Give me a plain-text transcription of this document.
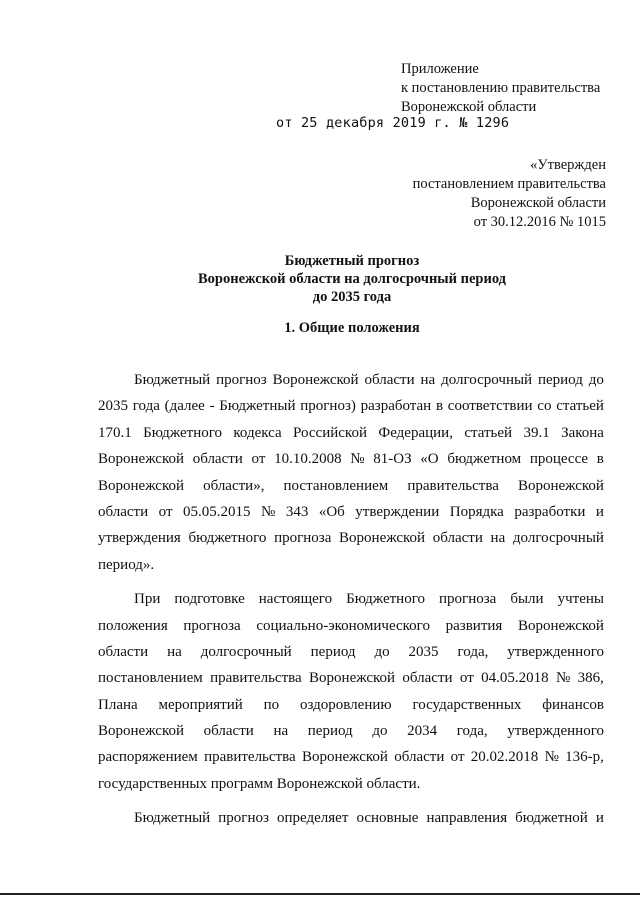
Приложение
к постановлению правительства
Воронежской области
от 25 декабря 2019 г. № 1296
«Утвержден
постановлением правительства
Воронежской области
от 30.12.2016 № 1015
Бюджетный прогноз
Воронежской области на долгосрочный период
до 2035 года
1. Общие положения
Бюджетный прогноз Воронежской области на долгосрочный период до
2035 года (далее - Бюджетный прогноз) разработан в соответствии со статьей
170.1 Бюджетного кодекса Российской Федерации, статьей 39.1 Закона
Воронежской области от 10.10.2008 № 81-ОЗ «О бюджетном процессе в
Воронежской области», постановлением правительства Воронежской
области от 05.05.2015 № 343 «Об утверждении Порядка разработки и
утверждения бюджетного прогноза Воронежской области на долгосрочный
период».
При подготовке настоящего Бюджетного прогноза были учтены
положения прогноза социально-экономического развития Воронежской
области на долгосрочный период до 2035 года, утвержденного
постановлением правительства Воронежской области от 04.05.2018 № 386,
Плана мероприятий по оздоровлению государственных финансов
Воронежской области на период до 2034 года, утвержденного
распоряжением правительства Воронежской области от 20.02.2018 № 136-р,
государственных программ Воронежской области.
Бюджетный прогноз определяет основные направления бюджетной и
